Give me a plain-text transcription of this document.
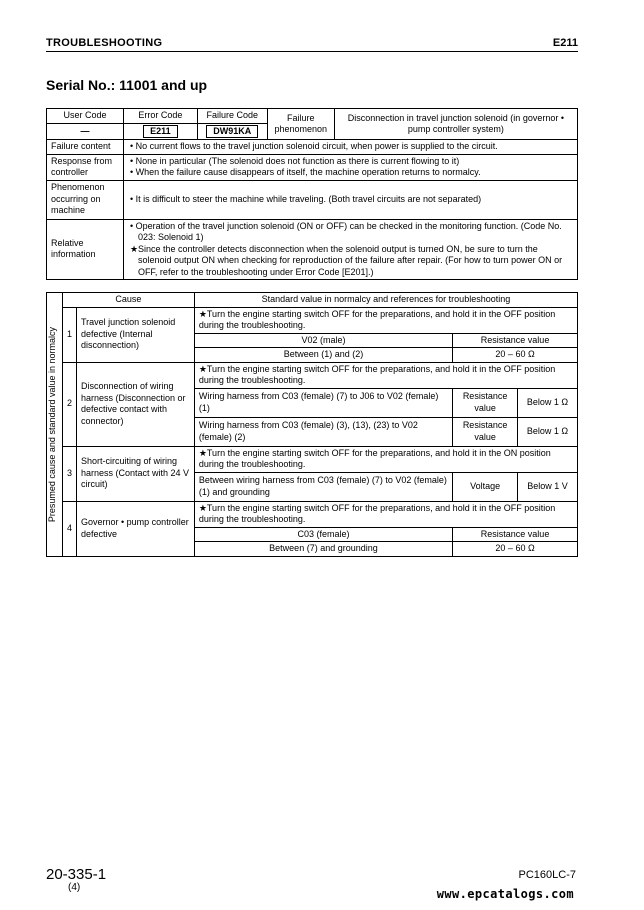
TROUBLESHOOTING	E211
Serial No.: 11001 and up
User Code	Error Code	Failure Code	Failure phenomenon	Disconnection in travel junction solenoid (in governor • pump controller system)
—	E211	DW91KA		
Failure content	• No current flows to the travel junction solenoid circuit, when power is supplied to the circuit.			

Response from controller	• None in particular (The solenoid does not function as there is current flowing to it)
• When the failure cause disappears of itself, the machine operation returns to normalcy.			

Phenomenon occurring on machine	• It is difficult to steer the machine while traveling. (Both travel circuits are not separated)			

Relative information	• Operation of the travel junction solenoid (ON or OFF) can be checked in the monitoring function. (Code No. 023: Solenoid 1)
★Since the controller detects disconnection when the solenoid output is turned ON, be sure to turn the solenoid output ON when checking for reproduction of the failure after repair. (For how to turn power ON or OFF, refer to the troubleshooting under Error Code [E201].)			
Presumed cause and standard value in normalcy	Cause		Standard value in normalcy and references for troubleshooting		
	1	Travel junction solenoid defective (Internal disconnection)	★Turn the engine starting switch OFF for the preparations, and hold it in the OFF position during the troubleshooting.		
			V02 (male)	Resistance value	
			Between (1) and (2)	20 – 60 Ω	
	2	Disconnection of wiring harness (Disconnection or defective contact with connector)	★Turn the engine starting switch OFF for the preparations, and hold it in the OFF position during the troubleshooting.		
			Wiring harness from C03 (female) (7) to J06 to V02 (female) (1)	Resistance value	Below 1 Ω
			Wiring harness from C03 (female) (3), (13), (23) to V02 (female) (2)	Resistance value	Below 1 Ω
	3	Short-circuiting of wiring harness (Contact with 24 V circuit)	★Turn the engine starting switch OFF for the preparations, and hold it in the ON position during the troubleshooting.		
			Between wiring harness from C03 (female) (7) to V02 (female) (1) and grounding	Voltage	Below 1 V
	4	Governor • pump controller defective	★Turn the engine starting switch OFF for the preparations, and hold it in the OFF position during the troubleshooting.		
			C03 (female)	Resistance value	
			Between (7) and grounding	20 – 60 Ω	
20-335-1
(4)
PC160LC-7
www.epcatalogs.com
